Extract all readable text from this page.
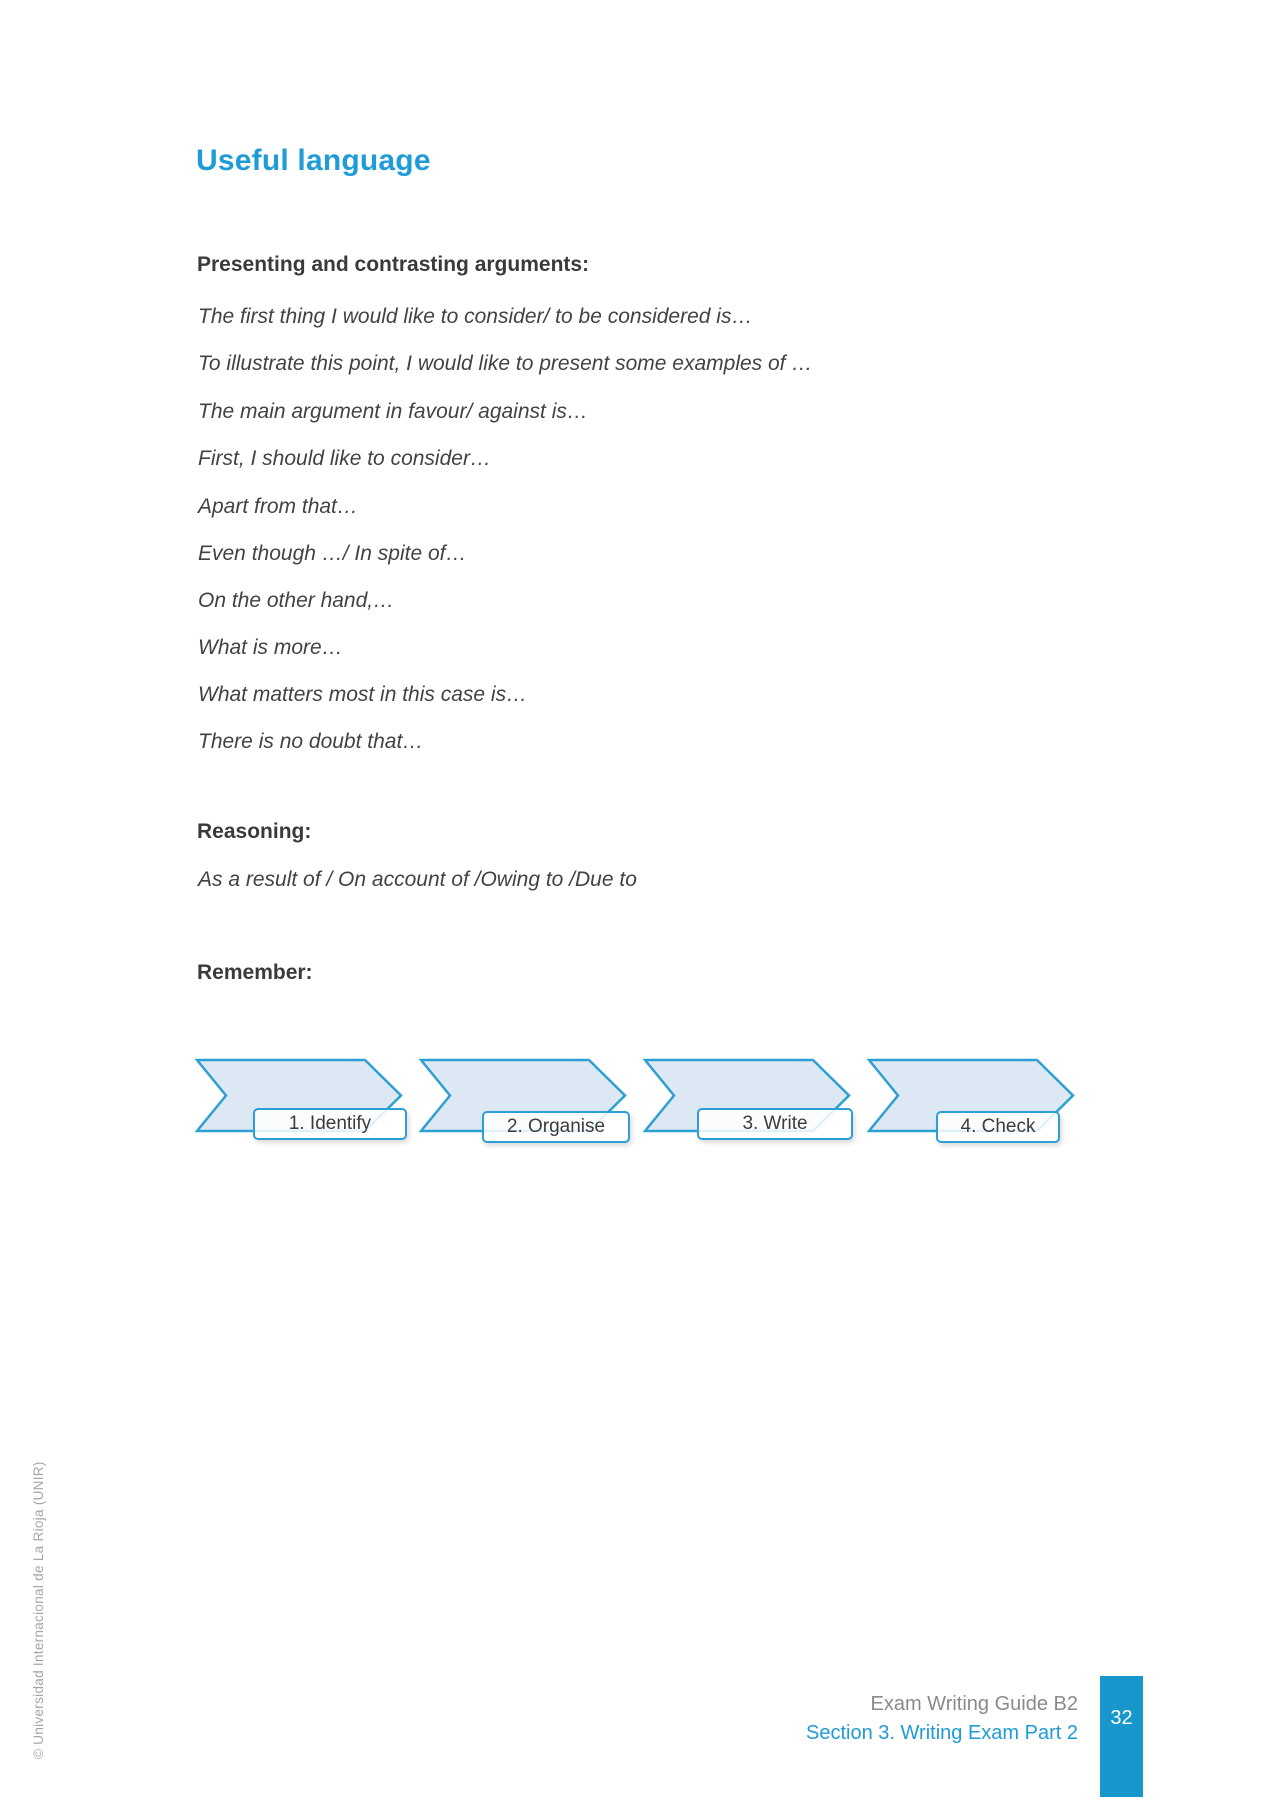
Useful language
Presenting and contrasting arguments:

The first thing I would like to consider/ to be considered is…

To illustrate this point, I would like to present some examples of …

The main argument in favour/ against is…

First, I should like to consider…

Apart from that…

Even though …/ In spite of…

On the other hand,…

What is more…

What matters most in this case is…

There is no doubt that…

Reasoning:

As a result of / On account of /Owing to /Due to

Remember:
1. Identify	2. Organise	3. Write	4. Check
Exam Writing Guide B2
Section 3. Writing Exam Part 2
32
© Universidad Internacional de La Rioja (UNIR)
